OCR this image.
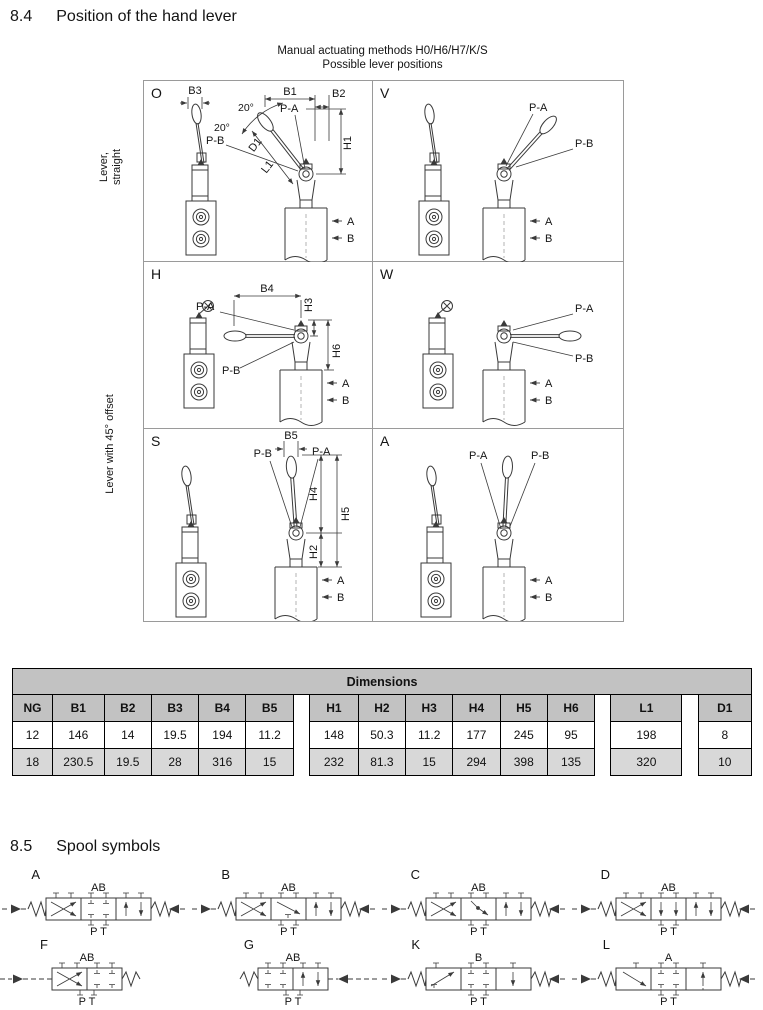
8.4 Position of the hand lever
Manual actuating methods H0/H6/H7/K/S
Possible lever positions
Lever, straight
Lever with 45° offset
O B3
20°
20°
B1	B2
H1
P-A
P-B D1
L1
A
B
V
P-A
P-B
A
B
H
B4
P-A
P-B
H3
H6
A
B
W
P-A
P-B
A
B
S	B5
P-B	P-A
H4
H5
H2
A
B
A
P-A	P-B
A
B
Dimensions																
NG	B1	B2	B3	B4	B5		H1	H2	H3	H4	H5	H6		L1		D1
12	146	14	19.5	194	11.2		148	50.3	11.2	177	245	95		198		8
18	230.5	19.5	28	316	15		232	81.3	15	294	398	135		320		10
8.5 Spool symbols
A
AB
P T
B
AB
P T
C
AB
P T
D
AB
P T
F
AB
P T
G
AB
P T
K
B
P T
L
A
P T
